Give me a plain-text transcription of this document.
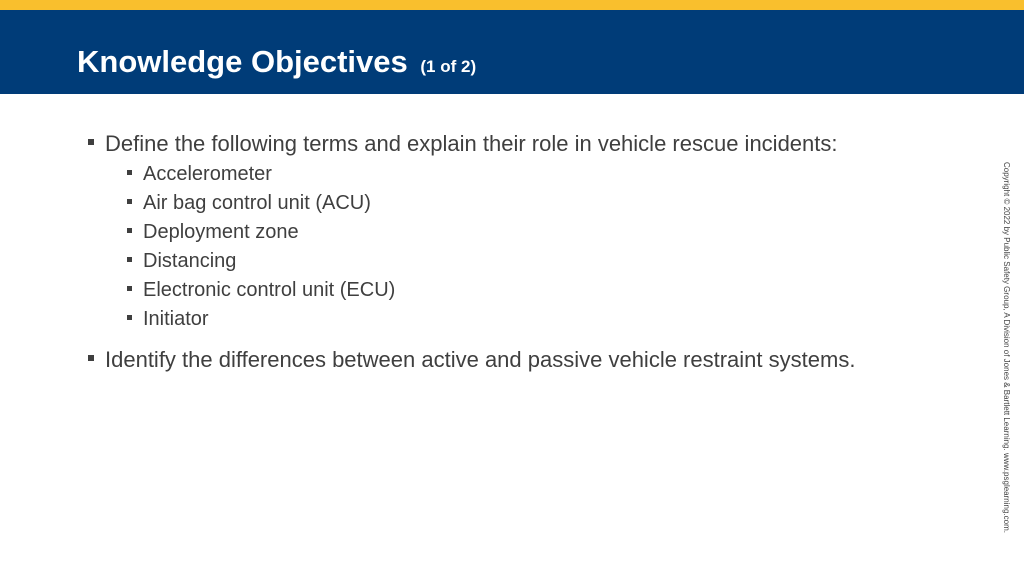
Knowledge Objectives (1 of 2)
Define the following terms and explain their role in vehicle rescue incidents:
Accelerometer
Air bag control unit (ACU)
Deployment zone
Distancing
Electronic control unit (ECU)
Initiator
Identify the differences between active and passive vehicle restraint systems.	Copyright © 2022 by Public Safety Group, A Division of Jones & Bartlett Learning. www.psglearning.com.
